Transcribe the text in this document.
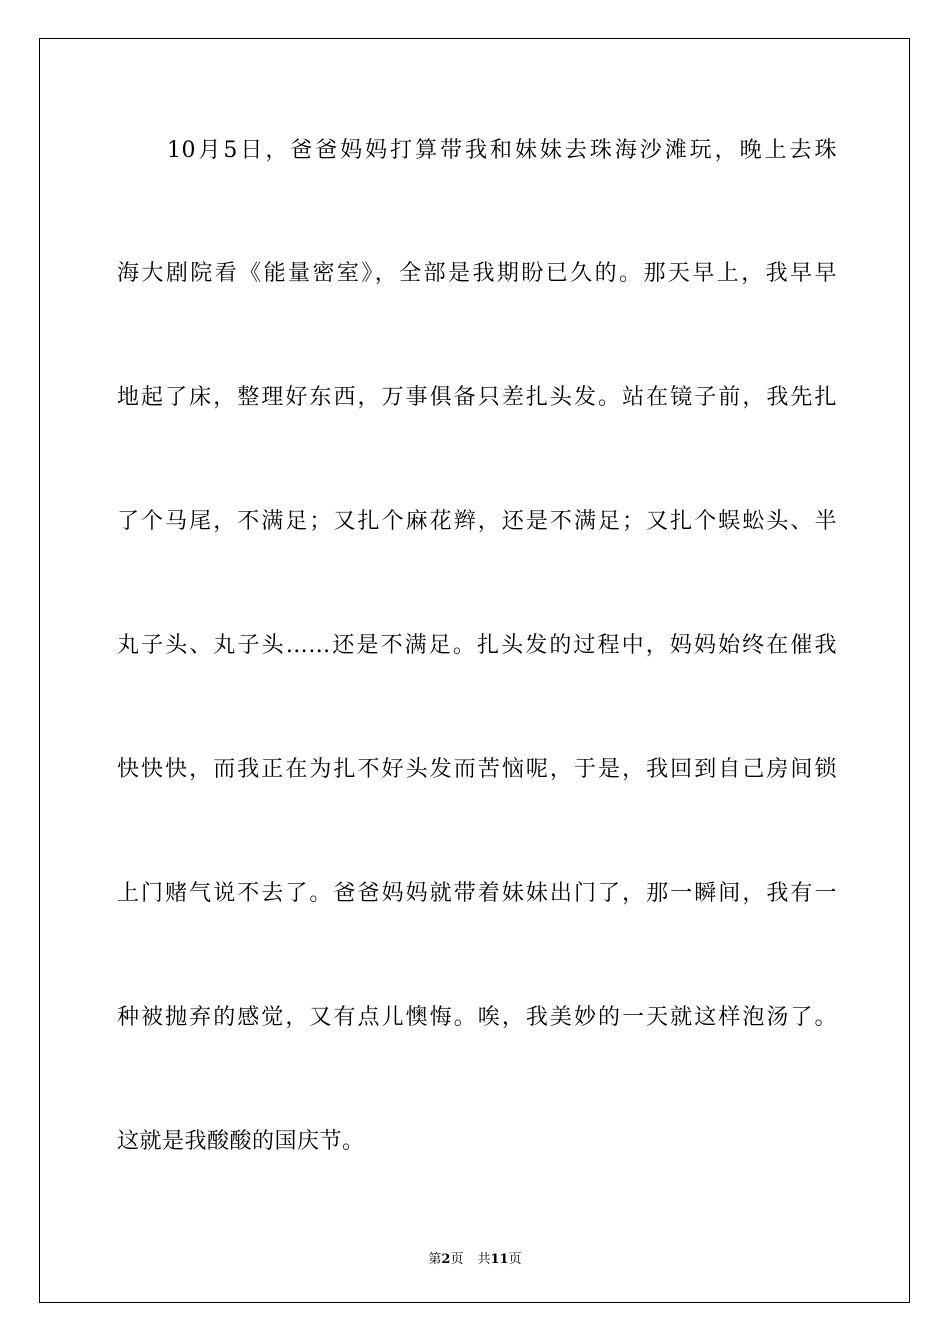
10月5日，爸爸妈妈打算带我和妹妹去珠海沙滩玩，晚上去珠
海大剧院看《能量密室》，全部是我期盼已久的。那天早上，我早早
地起了床，整理好东西，万事俱备只差扎头发。站在镜子前，我先扎
了个马尾，不满足；又扎个麻花辫，还是不满足；又扎个蜈蚣头、半
丸子头、丸子头……还是不满足。扎头发的过程中，妈妈始终在催我
快快快，而我正在为扎不好头发而苦恼呢，于是，我回到自己房间锁
上门赌气说不去了。爸爸妈妈就带着妹妹出门了，那一瞬间，我有一
种被抛弃的感觉，又有点儿懊悔。唉，我美妙的一天就这样泡汤了。
这就是我酸酸的国庆节。
第2页 共11页
